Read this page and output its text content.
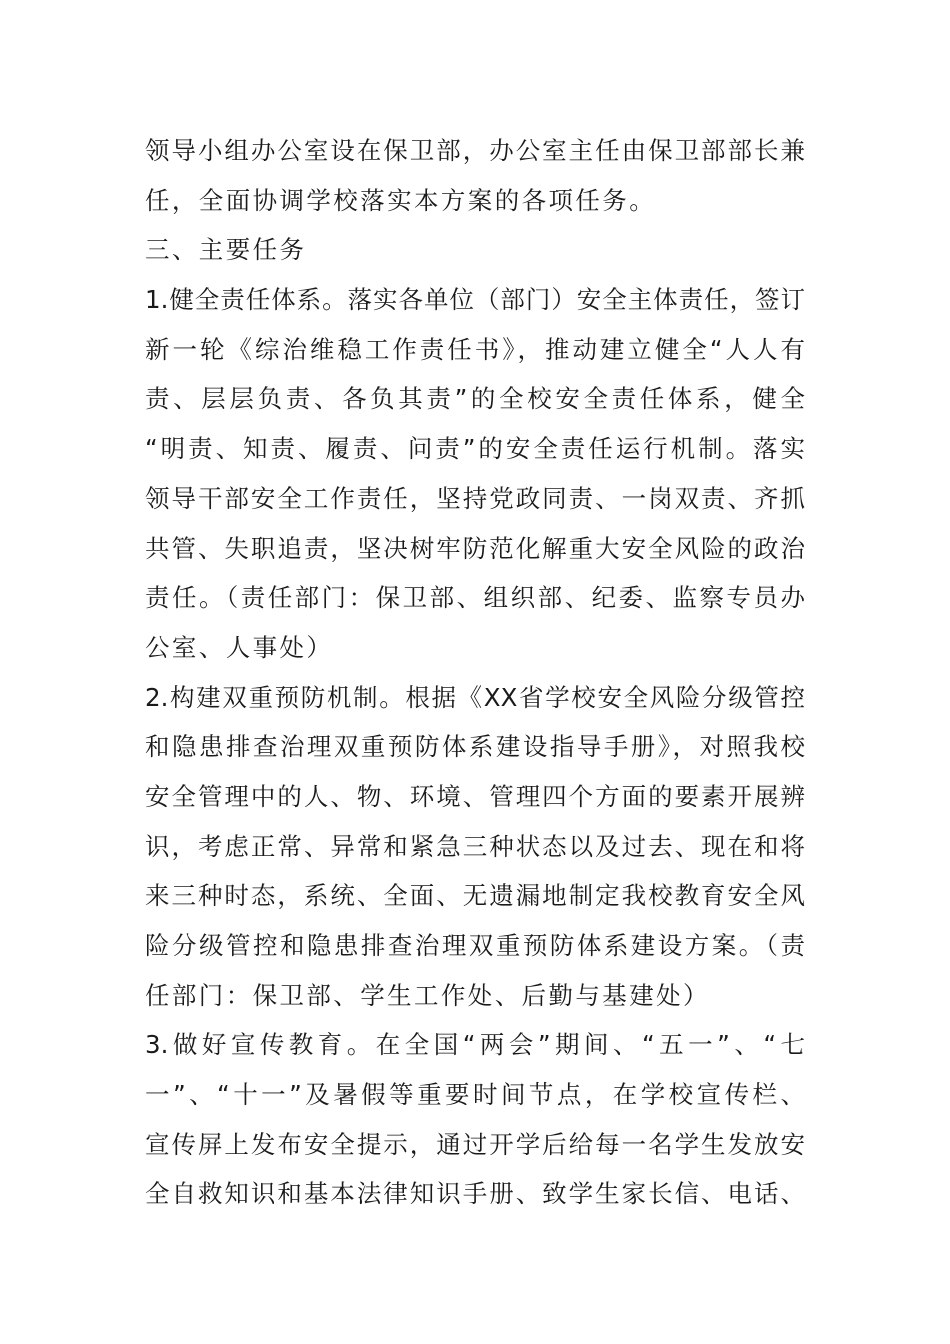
领导小组办公室设在保卫部，办公室主任由保卫部部长兼
任，全面协调学校落实本方案的各项任务。
三、主要任务
1.健全责任体系。落实各单位（部门）安全主体责任，签订
新一轮《综治维稳工作责任书》，推动建立健全“人人有
责、层层负责、各负其责”的全校安全责任体系，健全
“明责、知责、履责、问责”的安全责任运行机制。落实
领导干部安全工作责任，坚持党政同责、一岗双责、齐抓
共管、失职追责，坚决树牢防范化解重大安全风险的政治
责任。（责任部门：保卫部、组织部、纪委、监察专员办
公室、人事处）
2.构建双重预防机制。根据《XX省学校安全风险分级管控
和隐患排查治理双重预防体系建设指导手册》，对照我校
安全管理中的人、物、环境、管理四个方面的要素开展辨
识，考虑正常、异常和紧急三种状态以及过去、现在和将
来三种时态，系统、全面、无遗漏地制定我校教育安全风
险分级管控和隐患排查治理双重预防体系建设方案。（责
任部门：保卫部、学生工作处、后勤与基建处）
3.做好宣传教育。在全国“两会”期间、“五一”、“七
一”、“十一”及暑假等重要时间节点，在学校宣传栏、
宣传屏上发布安全提示，通过开学后给每一名学生发放安
全自救知识和基本法律知识手册、致学生家长信、电话、
